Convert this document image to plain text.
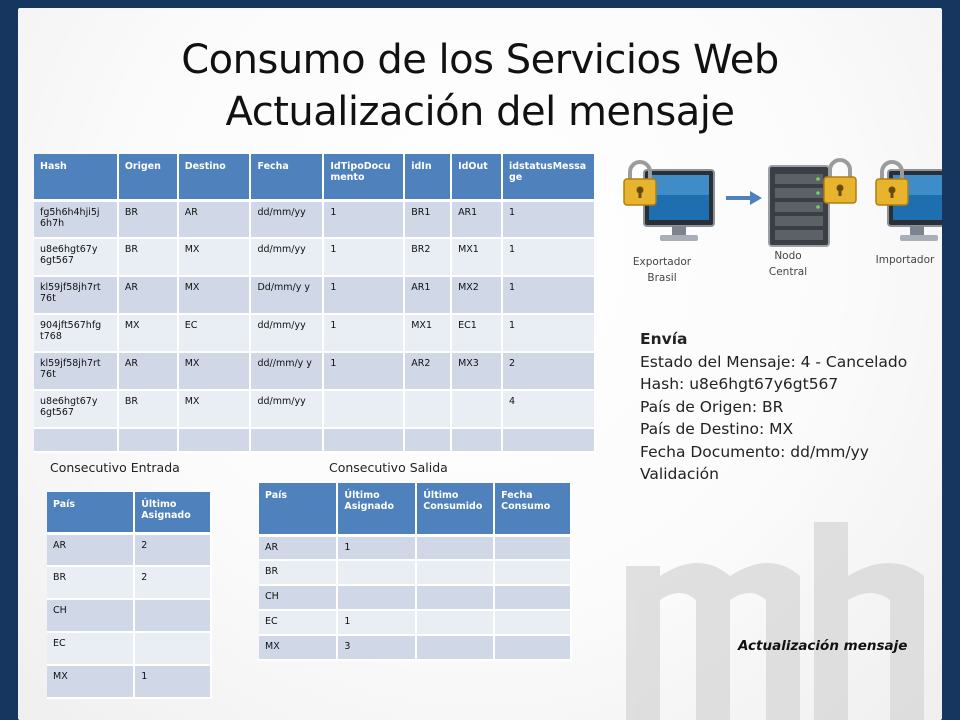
Consumo de los Servicios Web
Actualización del mensaje
Hash	Origen	Destino	Fecha	IdTipoDocu mento	idIn	IdOut	idstatusMessa ge
fg5h6h4hji5j 6h7h	BR	AR	dd/mm/yy	1	BR1	AR1	1
u8e6hgt67y 6gt567	BR	MX	dd/mm/yy	1	BR2	MX1	1
kl59jf58jh7rt 76t	AR	MX	Dd/mm/y y	1	AR1	MX2	1
904jft567hfg t768	MX	EC	dd/mm/yy	1	MX1	EC1	1
kl59jf58jh7rt 76t	AR	MX	dd//mm/y y	1	AR2	MX3	2
u8e6hgt67y 6gt567	BR	MX	dd/mm/yy				4

Consecutivo Entrada	Consecutivo Salida
País	Último Asignado
AR	2
BR	2
CH	
EC	
MX	1
País	Último Asignado	Último Consumido	Fecha Consumo
AR	1		
BR			
CH			
EC	1		
MX	3		
Exportador Brasil
Nodo Central
Importador
Envía
Estado del Mensaje: 4 - Cancelado
Hash: u8e6hgt67y6gt567
País de Origen: BR
País de Destino: MX
Fecha Documento: dd/mm/yy
Validación
Actualización mensaje
